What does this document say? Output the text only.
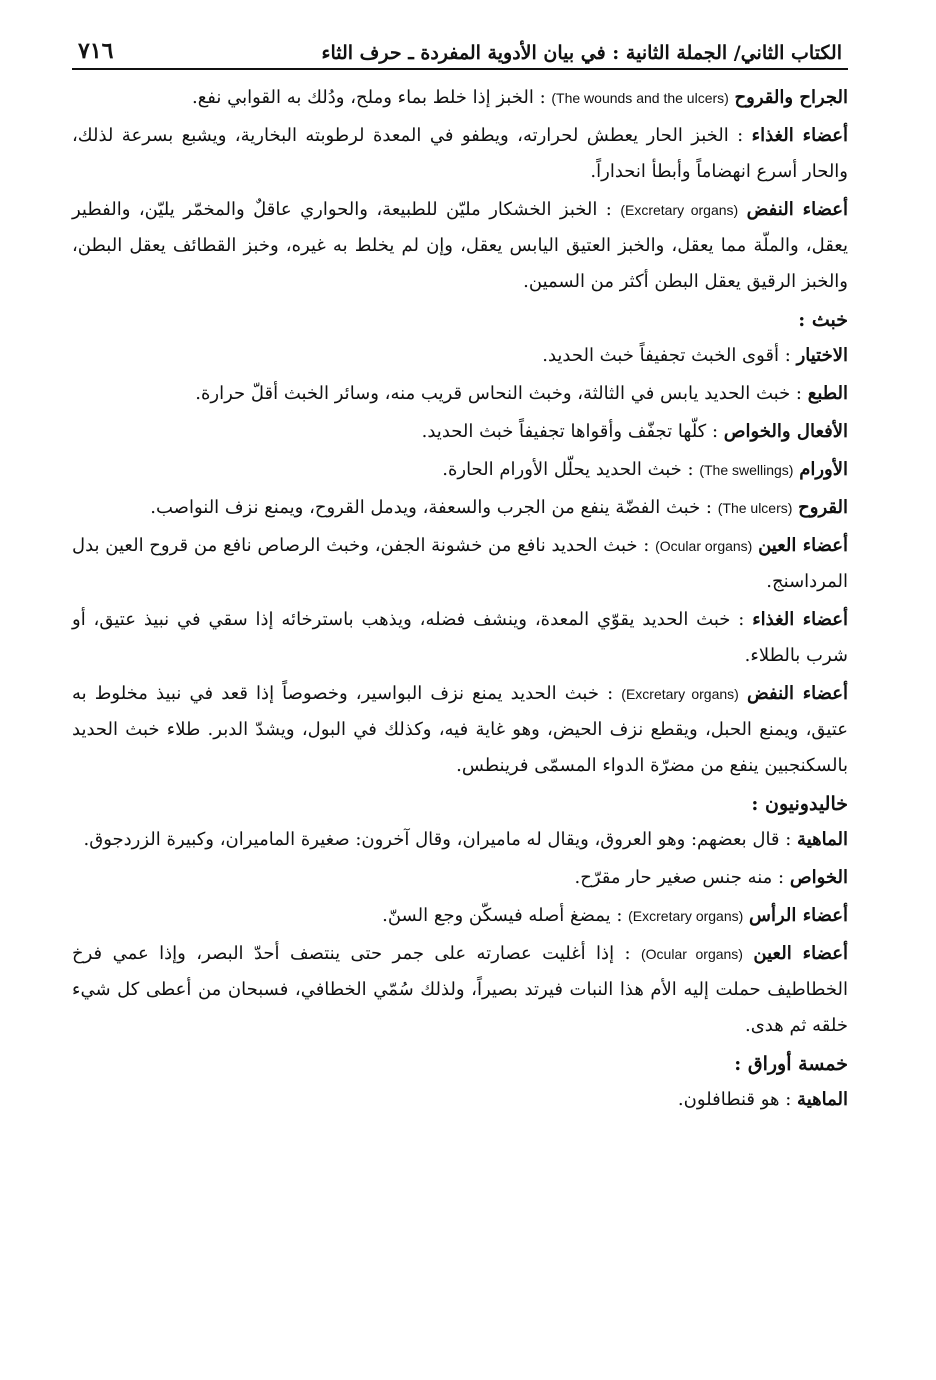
الكتاب الثاني/ الجملة الثانية : في بيان الأدوية المفردة ـ حرف الثاء
٧١٦

الجراح والقروح (The wounds and the ulcers) : الخبز إذا خلط بماء وملح، ودُلك به القوابي نفع.

أعضاء الغذاء : الخبز الحار يعطش لحرارته، ويطفو في المعدة لرطوبته البخارية، ويشبع بسرعة لذلك، والحار أسرع انهضاماً وأبطأ انحداراً.

أعضاء النفض (Excretary organs) : الخبز الخشكار مليّن للطبيعة، والحواري عاقلٌ والمخمّر يليّن، والفطير يعقل، والملّة مما يعقل، والخبز العتيق اليابس يعقل، وإن لم يخلط به غيره، وخبز القطائف يعقل البطن، والخبز الرقيق يعقل البطن أكثر من السمين.

خبث :

الاختيار : أقوى الخبث تجفيفاً خبث الحديد.

الطبع : خبث الحديد يابس في الثالثة، وخبث النحاس قريب منه، وسائر الخبث أقلّ حرارة.

الأفعال والخواص : كلّها تجفّف وأقواها تجفيفاً خبث الحديد.

الأورام (The swellings) : خبث الحديد يحلّل الأورام الحارة.

القروح (The ulcers) : خبث الفضّة ينفع من الجرب والسعفة، ويدمل القروح، ويمنع نزف النواصب.

أعضاء العين (Ocular organs) : خبث الحديد نافع من خشونة الجفن، وخبث الرصاص نافع من قروح العين بدل المرداسنج.

أعضاء الغذاء : خبث الحديد يقوّي المعدة، وينشف فضله، ويذهب باسترخائه إذا سقي في نبيذ عتيق، أو شرب بالطلاء.

أعضاء النفض (Excretary organs) : خبث الحديد يمنع نزف البواسير، وخصوصاً إذا قعد في نبيذ مخلوط به عتيق، ويمنع الحبل، ويقطع نزف الحيض، وهو غاية فيه، وكذلك في البول، ويشدّ الدبر. طلاء خبث الحديد بالسكنجبين ينفع من مضرّة الدواء المسمّى فرينطس.

خاليدونيون :

الماهية : قال بعضهم: وهو العروق، ويقال له ماميران، وقال آخرون: صغيرة الماميران، وكبيرة الزردجوق.

الخواص : منه جنس صغير حار مقرّح.

أعضاء الرأس (Excretary organs) : يمضغ أصله فيسكّن وجع السنّ.

أعضاء العين (Ocular organs) : إذا أغليت عصارته على جمر حتى ينتصف أحدّ البصر، وإذا عمي فرخ الخطاطيف حملت إليه الأم هذا النبات فيرتد بصيراً، ولذلك سُمّي الخطافي، فسبحان من أعطى كل شيء خلقه ثم هدى.

خمسة أوراق :

الماهية : هو قنطافلون.
